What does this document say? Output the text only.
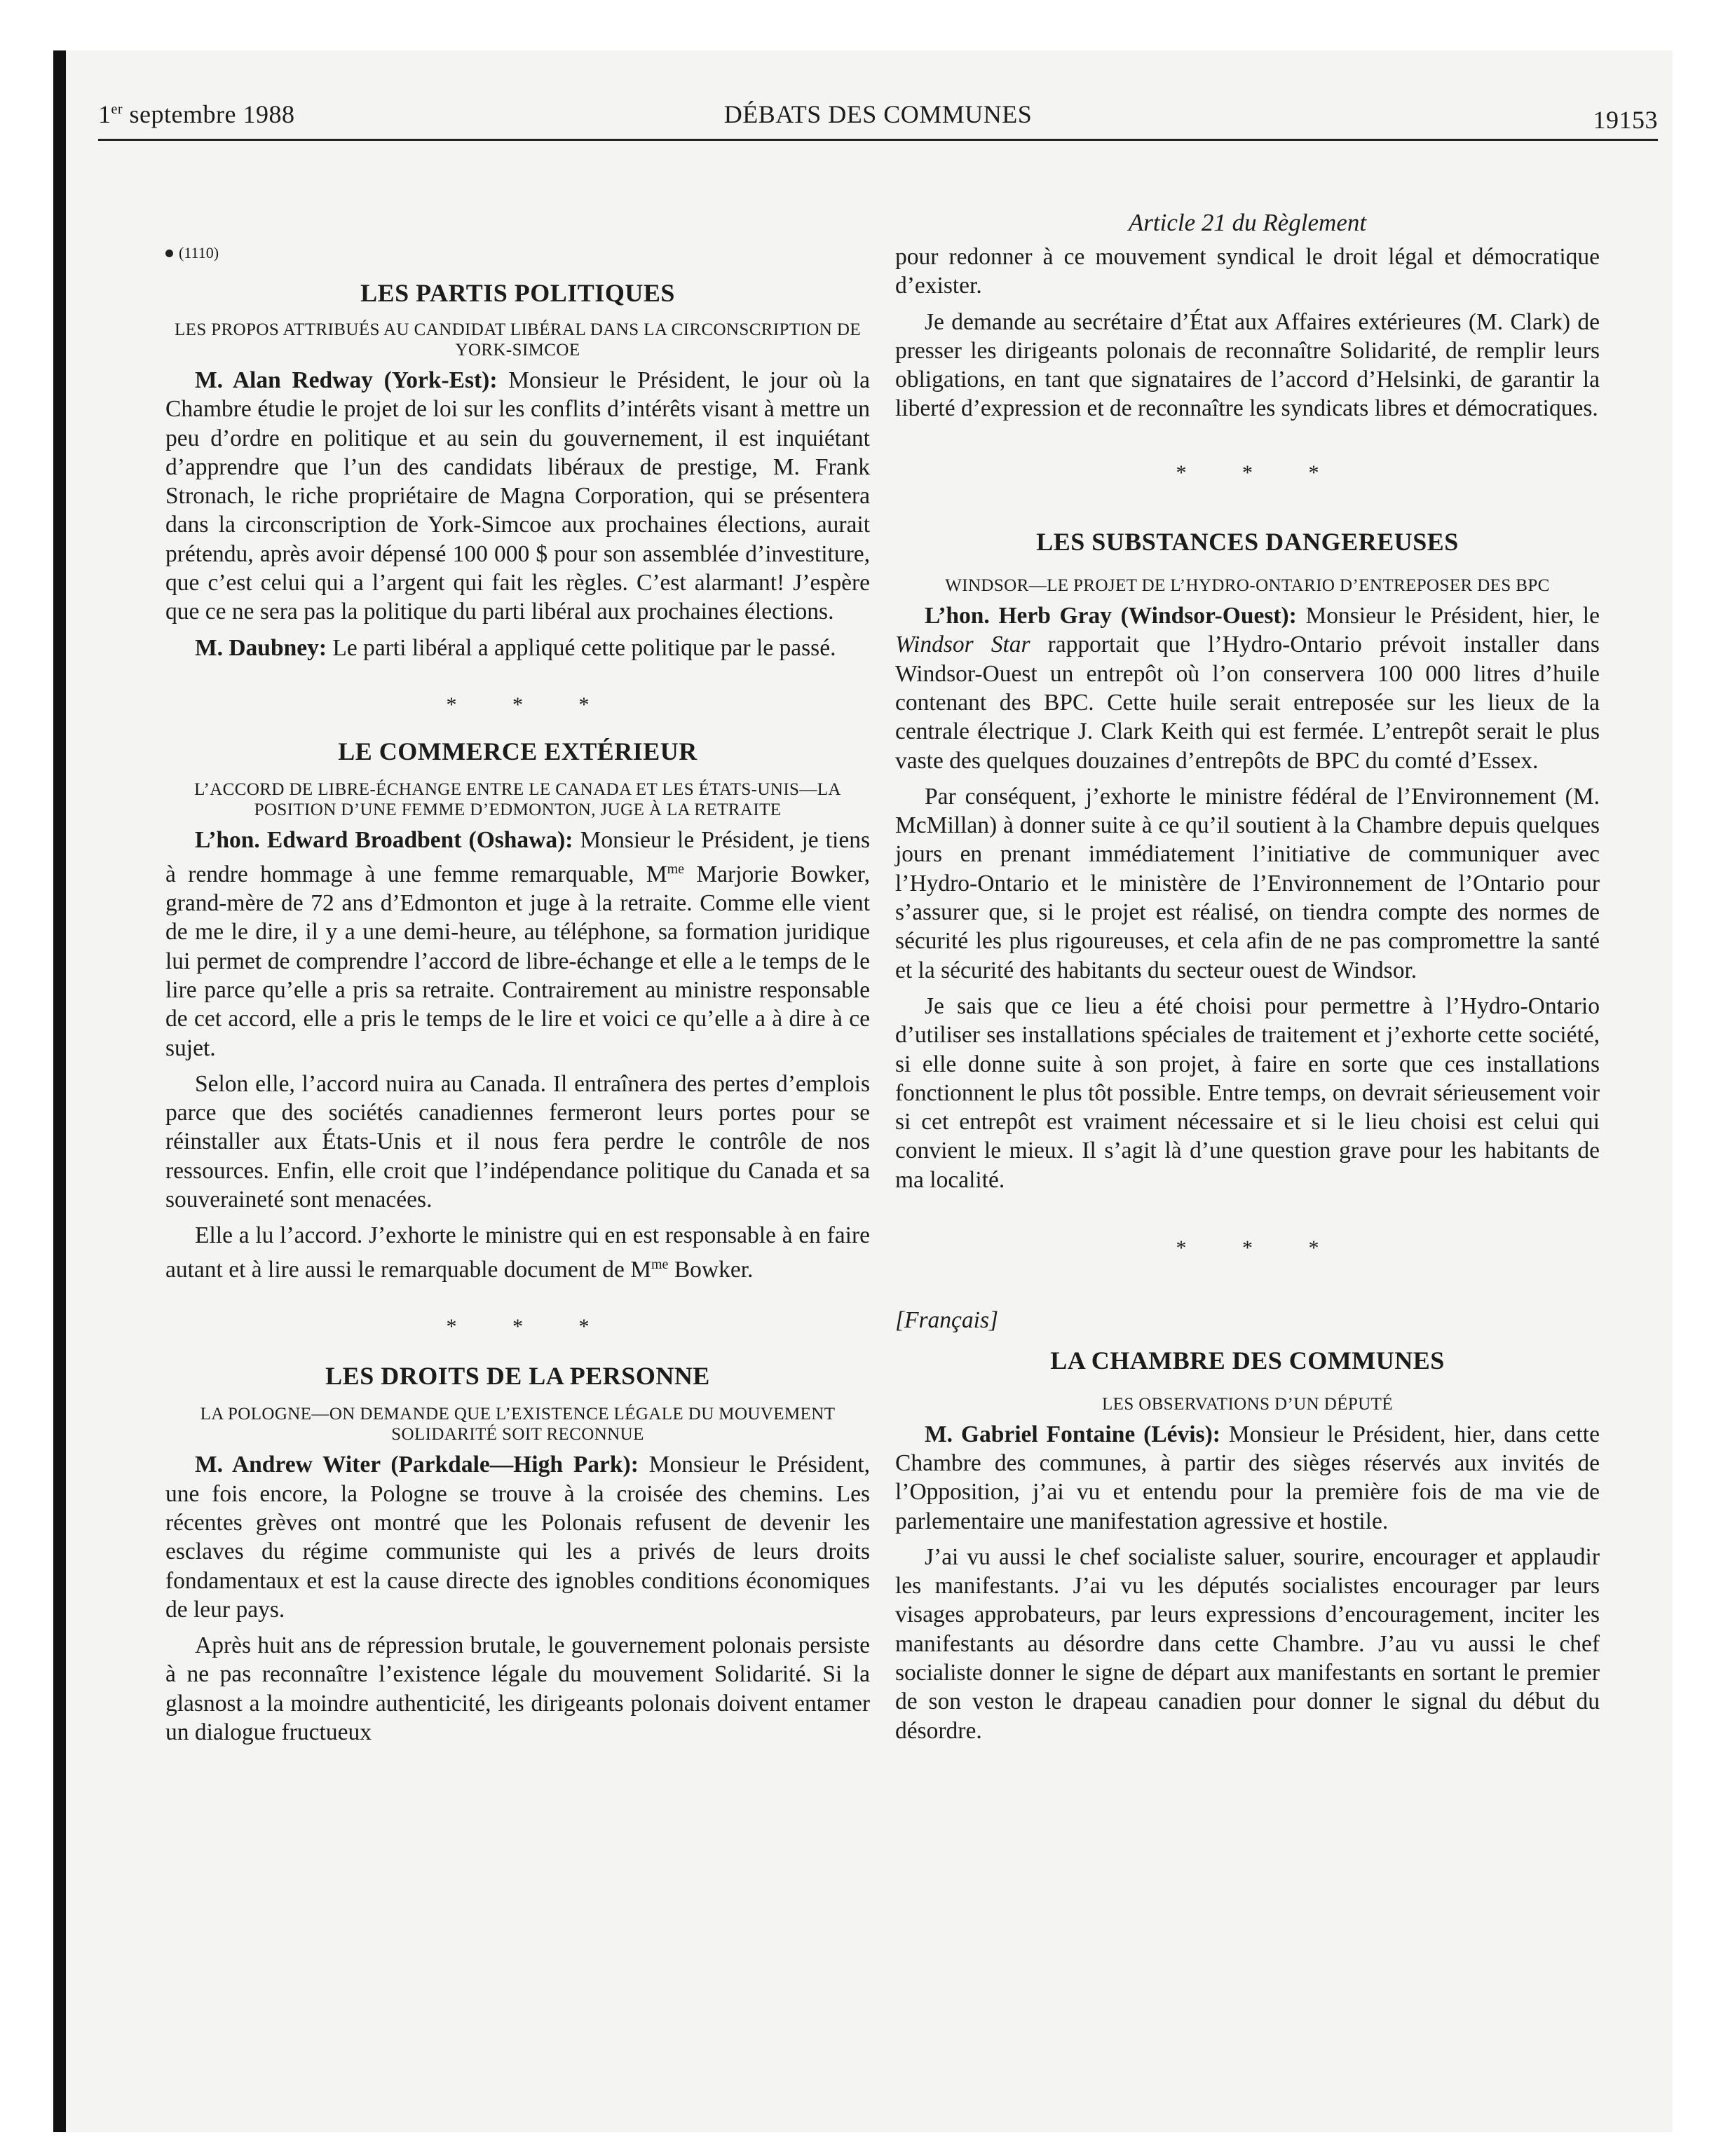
1er septembre 1988	DÉBATS DES COMMUNES	19153
(1110)
LES PARTIS POLITIQUES
LES PROPOS ATTRIBUÉS AU CANDIDAT LIBÉRAL DANS LA CIRCONSCRIPTION DE YORK-SIMCOE

M. Alan Redway (York-Est): Monsieur le Président, le jour où la Chambre étudie le projet de loi sur les conflits d’intérêts visant à mettre un peu d’ordre en politique et au sein du gouvernement, il est inquiétant d’apprendre que l’un des candidats libéraux de prestige, M. Frank Stronach, le riche propriétaire de Magna Corporation, qui se présentera dans la circonscription de York-Simcoe aux prochaines élections, aurait prétendu, après avoir dépensé 100 000 $ pour son assemblée d’investiture, que c’est celui qui a l’argent qui fait les règles. C’est alarmant! J’espère que ce ne sera pas la politique du parti libéral aux prochaines élections.

M. Daubney: Le parti libéral a appliqué cette politique par le passé.

* * *
LE COMMERCE EXTÉRIEUR
L’ACCORD DE LIBRE-ÉCHANGE ENTRE LE CANADA ET LES ÉTATS-UNIS—LA POSITION D’UNE FEMME D’EDMONTON, JUGE À LA RETRAITE

L’hon. Edward Broadbent (Oshawa): Monsieur le Président, je tiens à rendre hommage à une femme remarquable, $M^{me}$ Marjorie Bowker, grand-mère de 72 ans d’Edmonton et juge à la retraite. Comme elle vient de me le dire, il y a une demi-heure, au téléphone, sa formation juridique lui permet de comprendre l’accord de libre-échange et elle a le temps de le lire parce qu’elle a pris sa retraite. Contrairement au ministre responsable de cet accord, elle a pris le temps de le lire et voici ce qu’elle a à dire à ce sujet.

Selon elle, l’accord nuira au Canada. Il entraînera des pertes d’emplois parce que des sociétés canadiennes fermeront leurs portes pour se réinstaller aux États-Unis et il nous fera perdre le contrôle de nos ressources. Enfin, elle croit que l’indépendance politique du Canada et sa souveraineté sont menacées.

Elle a lu l’accord. J’exhorte le ministre qui en est responsable à en faire autant et à lire aussi le remarquable document de $M^{me}$ Bowker.

* * *
LES DROITS DE LA PERSONNE
LA POLOGNE—ON DEMANDE QUE L’EXISTENCE LÉGALE DU MOUVEMENT SOLIDARITÉ SOIT RECONNUE

M. Andrew Witer (Parkdale—High Park): Monsieur le Président, une fois encore, la Pologne se trouve à la croisée des chemins. Les récentes grèves ont montré que les Polonais refusent de devenir les esclaves du régime communiste qui les a privés de leurs droits fondamentaux et est la cause directe des ignobles conditions économiques de leur pays.

Après huit ans de répression brutale, le gouvernement polonais persiste à ne pas reconnaître l’existence légale du mouvement Solidarité. Si la glasnost a la moindre authenticité, les dirigeants polonais doivent entamer un dialogue fructueux

Article 21 du Règlement

pour redonner à ce mouvement syndical le droit légal et démocratique d’exister.

Je demande au secrétaire d’État aux Affaires extérieures (M. Clark) de presser les dirigeants polonais de reconnaître Solidarité, de remplir leurs obligations, en tant que signataires de l’accord d’Helsinki, de garantir la liberté d’expression et de reconnaître les syndicats libres et démocratiques.

* * *
LES SUBSTANCES DANGEREUSES
WINDSOR—LE PROJET DE L’HYDRO-ONTARIO D’ENTREPOSER DES BPC

L’hon. Herb Gray (Windsor-Ouest): Monsieur le Président, hier, le Windsor Star rapportait que l’Hydro-Ontario prévoit installer dans Windsor-Ouest un entrepôt où l’on conservera 100 000 litres d’huile contenant des BPC. Cette huile serait entreposée sur les lieux de la centrale électrique J. Clark Keith qui est fermée. L’entrepôt serait le plus vaste des quelques douzaines d’entrepôts de BPC du comté d’Essex.

Par conséquent, j’exhorte le ministre fédéral de l’Environnement (M. McMillan) à donner suite à ce qu’il soutient à la Chambre depuis quelques jours en prenant immédiatement l’initiative de communiquer avec l’Hydro-Ontario et le ministère de l’Environnement de l’Ontario pour s’assurer que, si le projet est réalisé, on tiendra compte des normes de sécurité les plus rigoureuses, et cela afin de ne pas compromettre la santé et la sécurité des habitants du secteur ouest de Windsor.

Je sais que ce lieu a été choisi pour permettre à l’Hydro-Ontario d’utiliser ses installations spéciales de traitement et j’exhorte cette société, si elle donne suite à son projet, à faire en sorte que ces installations fonctionnent le plus tôt possible. Entre temps, on devrait sérieusement voir si cet entrepôt est vraiment nécessaire et si le lieu choisi est celui qui convient le mieux. Il s’agit là d’une question grave pour les habitants de ma localité.

* * *
[Français]
LA CHAMBRE DES COMMUNES
LES OBSERVATIONS D’UN DÉPUTÉ

M. Gabriel Fontaine (Lévis): Monsieur le Président, hier, dans cette Chambre des communes, à partir des sièges réservés aux invités de l’Opposition, j’ai vu et entendu pour la première fois de ma vie de parlementaire une manifestation agressive et hostile.

J’ai vu aussi le chef socialiste saluer, sourire, encourager et applaudir les manifestants. J’ai vu les députés socialistes encourager par leurs visages approbateurs, par leurs expressions d’encouragement, inciter les manifestants au désordre dans cette Chambre. J’au vu aussi le chef socialiste donner le signe de départ aux manifestants en sortant le premier de son veston le drapeau canadien pour donner le signal du début du désordre.
